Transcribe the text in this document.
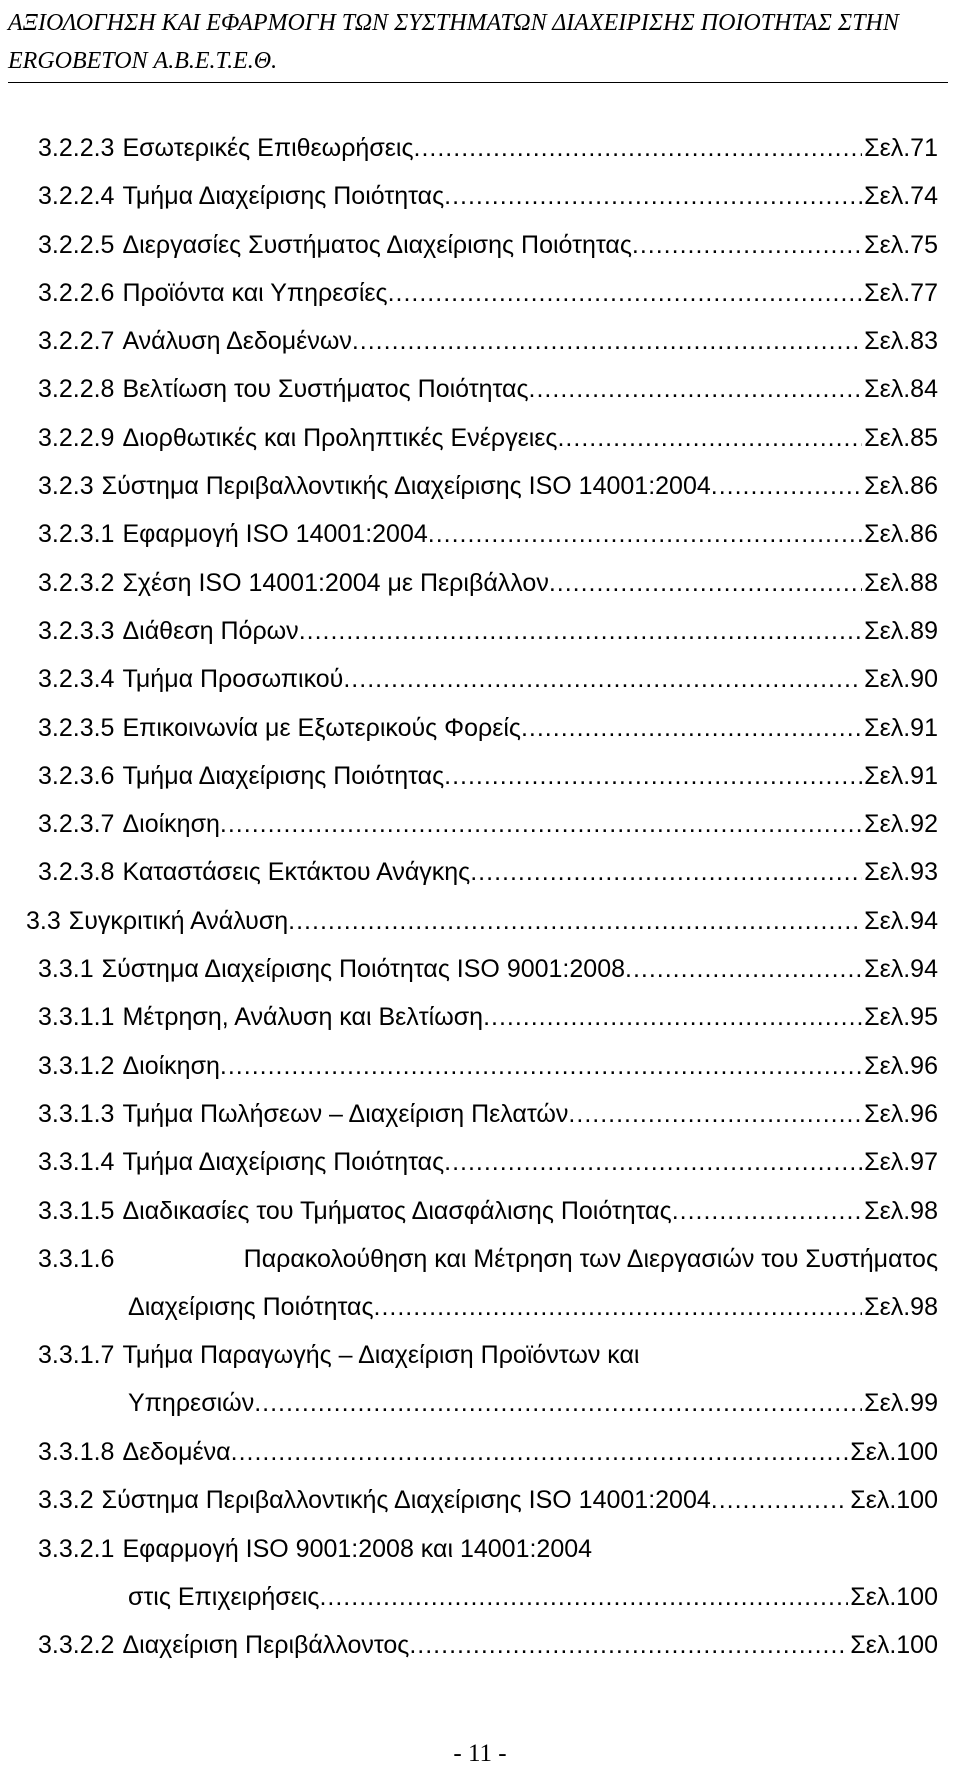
ΑΞΙΟΛΟΓΗΣΗ ΚΑΙ ΕΦΑΡΜΟΓΗ ΤΩΝ ΣΥΣΤΗΜΑΤΩΝ ΔΙΑΧΕΙΡΙΣΗΣ ΠΟΙΟΤΗΤΑΣ ΣΤΗΝ
ERGOBETON Α.Β.Ε.Τ.Ε.Θ.
3.2.2.3 Εσωτερικές Επιθεωρήσεις .....	Σελ.71
3.2.2.4 Τμήμα Διαχείρισης Ποιότητας .....	Σελ.74
3.2.2.5 Διεργασίες Συστήματος Διαχείρισης Ποιότητας .....	Σελ.75
3.2.2.6 Προϊόντα και Υπηρεσίες .....	Σελ.77
3.2.2.7 Ανάλυση Δεδομένων .....	Σελ.83
3.2.2.8 Βελτίωση του Συστήματος Ποιότητας .....	Σελ.84
3.2.2.9 Διορθωτικές και Προληπτικές Ενέργειες .....	Σελ.85
3.2.3 Σύστημα Περιβαλλοντικής Διαχείρισης ISO 14001:2004 .....	Σελ.86
3.2.3.1 Εφαρμογή ISO 14001:2004 .....	Σελ.86
3.2.3.2 Σχέση ISO 14001:2004 με Περιβάλλον .....	Σελ.88
3.2.3.3 Διάθεση Πόρων .....	Σελ.89
3.2.3.4 Τμήμα Προσωπικού .....	Σελ.90
3.2.3.5 Επικοινωνία με Εξωτερικούς Φορείς .....	Σελ.91
3.2.3.6 Τμήμα Διαχείρισης Ποιότητας .....	Σελ.91
3.2.3.7 Διοίκηση .....	Σελ.92
3.2.3.8 Καταστάσεις Εκτάκτου Ανάγκης .....	Σελ.93
3.3 Συγκριτική Ανάλυση .....	Σελ.94
3.3.1 Σύστημα Διαχείρισης Ποιότητας ISO 9001:2008 .....	Σελ.94
3.3.1.1 Μέτρηση, Ανάλυση και Βελτίωση .....	Σελ.95
3.3.1.2 Διοίκηση .....	Σελ.96
3.3.1.3 Τμήμα Πωλήσεων – Διαχείριση Πελατών .....	Σελ.96
3.3.1.4 Τμήμα Διαχείρισης Ποιότητας .....	Σελ.97
3.3.1.5 Διαδικασίες του Τμήματος Διασφάλισης Ποιότητας .....	Σελ.98
3.3.1.6	Παρακολούθηση και Μέτρηση των Διεργασιών του Συστήματος
Διαχείρισης Ποιότητας .....	Σελ.98
3.3.1.7 Τμήμα Παραγωγής – Διαχείριση Προϊόντων και
Υπηρεσιών .....	Σελ.99
3.3.1.8 Δεδομένα .....	Σελ.100
3.3.2 Σύστημα Περιβαλλοντικής Διαχείρισης ISO 14001:2004 .....	Σελ.100
3.3.2.1 Εφαρμογή ISO 9001:2008 και 14001:2004
στις Επιχειρήσεις .....	Σελ.100
3.3.2.2 Διαχείριση Περιβάλλοντος .....	Σελ.100
- 11 -
